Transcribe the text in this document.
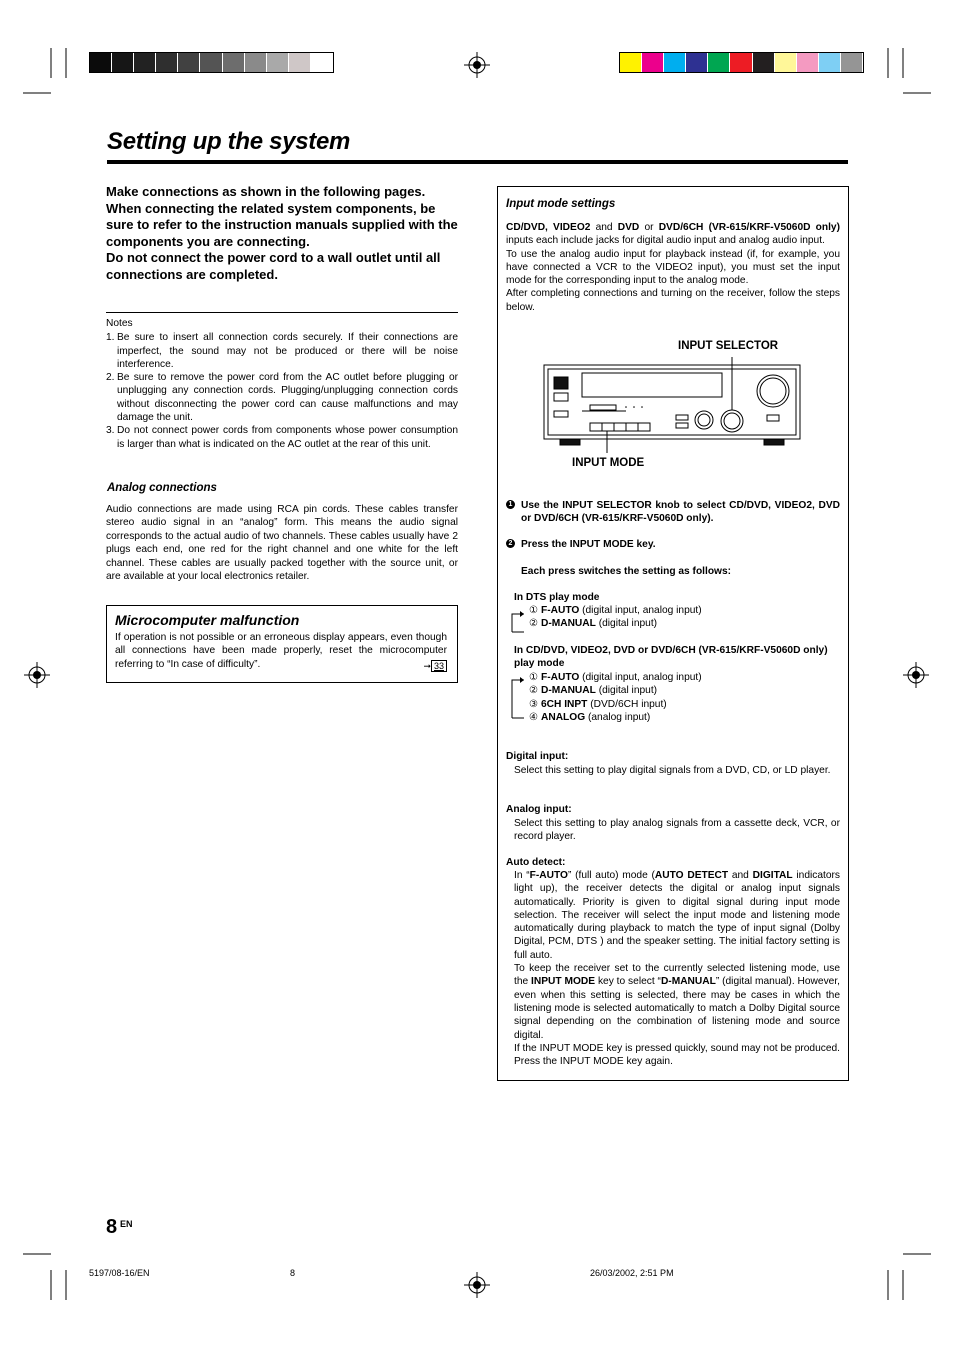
Setting up the system

Make connections as shown in the following pages. When connecting the related system components, be sure to refer to the instruction manuals supplied with the components you are connecting.

Do not connect the power cord to a wall outlet until all connections are completed.

Notes
1. Be sure to insert all connection cords securely. If their connections are imperfect, the sound may not be produced or there will be noise interference.
2. Be sure to remove the power cord from the AC outlet before plugging or unplugging any connection cords. Plugging/unplugging connection cords without disconnecting the power cord can cause malfunctions and may damage the unit.
3. Do not connect power cords from components whose power consumption is larger than what is indicated on the AC outlet at the rear of this unit.
Analog connections
Audio connections are made using RCA pin cords. These cables transfer stereo audio signal in an “analog” form. This means the audio signal corresponds to the actual audio of two channels. These cables usually have 2 plugs each end, one red for the right channel and one white for the left channel. These cables are usually packed together with the source unit, or are available at your local electronics retailer.
Microcomputer malfunction
If operation is not possible or an erroneous display appears, even though all connections have been made properly, reset the microcomputer referring to “In case of difficulty”.	➞ 33
Input mode settings
CD/DVD, VIDEO2 and DVD or DVD/6CH (VR-615/KRF-V5060D only) inputs each include jacks for digital audio input and analog audio input.
To use the analog audio input for playback instead (if, for example, you have connected a VCR to the VIDEO2 input), you must set the input mode for the corresponding input to the analog mode.
After completing connections and turning on the receiver, follow the steps below.
INPUT SELECTOR
INPUT MODE
1 Use the INPUT SELECTOR knob to select CD/DVD, VIDEO2, DVD or DVD/6CH (VR-615/KRF-V5060D only).
2 Press the INPUT MODE key.
Each press switches the setting as follows:
In DTS play mode
① F-AUTO (digital input, analog input)
② D-MANUAL (digital input)
In CD/DVD, VIDEO2, DVD or DVD/6CH (VR-615/KRF-V5060D only) play mode
① F-AUTO (digital input, analog input)
② D-MANUAL (digital input)
③ 6CH INPT (DVD/6CH input)
④ ANALOG (analog input)
Digital input:
Select this setting to play digital signals from a DVD, CD, or LD player.
Analog input:
Select this setting to play analog signals from a cassette deck, VCR, or record player.
Auto detect:
In “F-AUTO” (full auto) mode (AUTO DETECT and DIGITAL indicators light up), the receiver detects the digital or analog input signals automatically. Priority is given to digital signal during input mode selection. The receiver will select the input mode and listening mode automatically during playback to match the type of input signal (Dolby Digital, PCM, DTS ) and the speaker setting. The initial factory setting is full auto.
To keep the receiver set to the currently selected listening mode, use the INPUT MODE key to select “D-MANUAL” (digital manual). However, even when this setting is selected, there may be cases in which the listening mode is selected automatically to match a Dolby Digital source signal depending on the combination of listening mode and source digital.
If the INPUT MODE key is pressed quickly, sound may not be produced. Press the INPUT MODE key again.
8 EN
5197/08-16/EN	8	26/03/2002, 2:51 PM
